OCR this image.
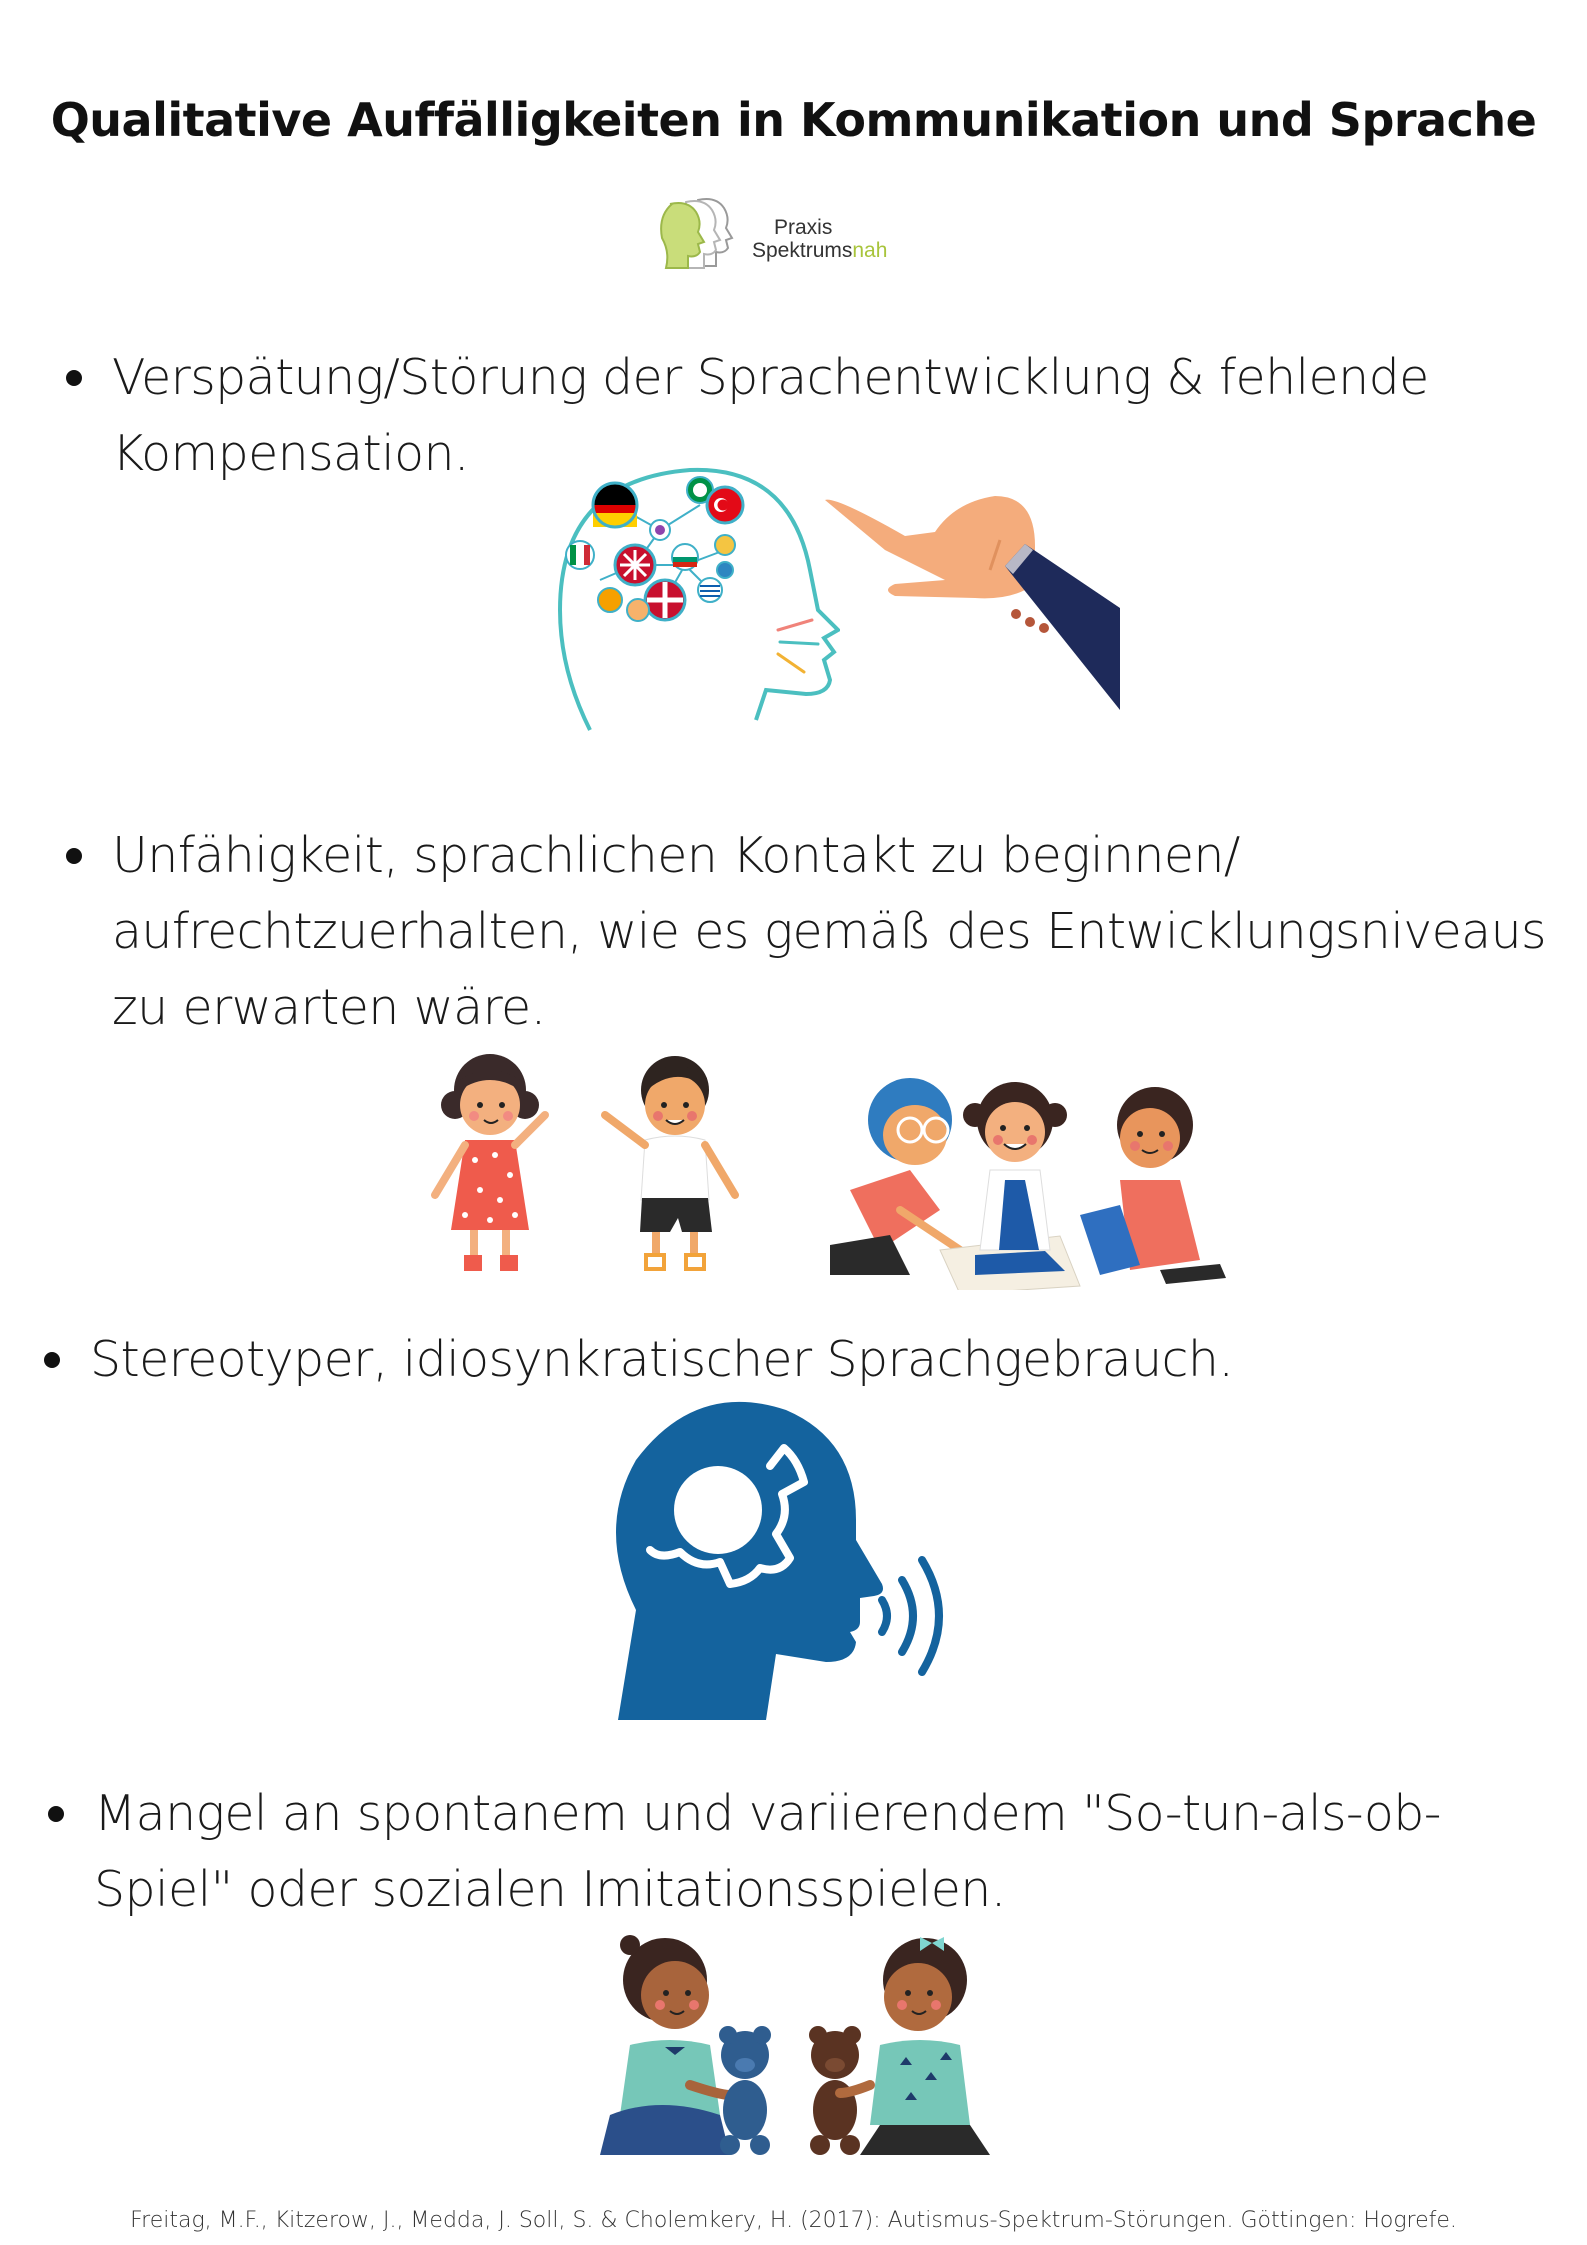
Qualitative Auffälligkeiten in Kommunikation und Sprache
Praxis
Spektrumsnah
Verspätung/Störung der Sprachentwicklung & fehlende
Kompensation.
Unfähigkeit, sprachlichen Kontakt zu beginnen/
aufrechtzuerhalten, wie es gemäß des Entwicklungsniveaus
zu erwarten wäre.
Stereotyper, idiosynkratischer Sprachgebrauch.
Mangel an spontanem und variierendem "So-tun-als-ob-
Spiel" oder sozialen Imitationsspielen.
Freitag, M.F., Kitzerow, J., Medda, J. Soll, S. & Cholemkery, H. (2017): Autismus-Spektrum-Störungen. Göttingen: Hogrefe.
